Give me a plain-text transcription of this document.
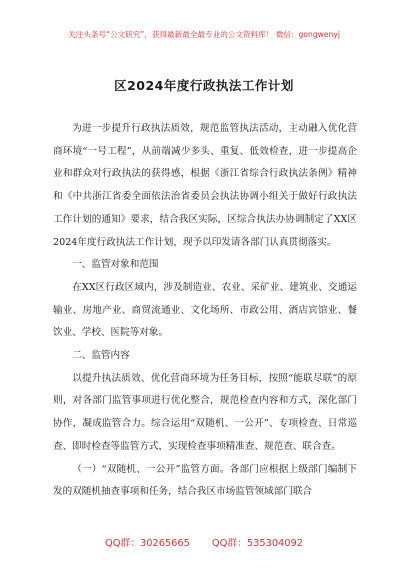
关注头条号“公文研究”，获得最新最全最专业的公文资料库！ 微信：gongwenyj
区2024年度行政执法工作计划

为进一步提升行政执法质效，规范监管执法活动，主动融入优化营商环境“一号工程”，从前端减少多头、重复、低效检查，进一步提高企业和群众对行政执法的获得感，根据《浙江省综合行政执法条例》精神和《中共浙江省委全面依法治省委员会执法协调小组关于做好行政执法工作计划的通知》要求，结合我区实际，区综合执法办协调制定了XX区2024年度行政执法工作计划，现予以印发请各部门认真贯彻落实。

一、监管对象和范围

在XX区行政区域内，涉及制造业、农业、采矿业、建筑业、交通运输业、房地产业、商贸流通业、文化场所、市政公用、酒店宾馆业、餐饮业、学校、医院等对象。

二、监管内容

以提升执法质效、优化营商环境为任务目标，按照“能联尽联”的原则，对各部门监管事项进行优化整合，规范检查内容和方式，深化部门协作，凝成监管合力。综合运用“双随机、一公开”、专项检查、日常巡查、即时检查等监管方式，实现检查事项精准查、规范查、联合查。

（一）“双随机、一公开”监管方面。各部门应根据上级部门编制下发的双随机抽查事项和任务，结合我区市场监管领域部门联合

QQ群：30265665 QQ群：535304092
